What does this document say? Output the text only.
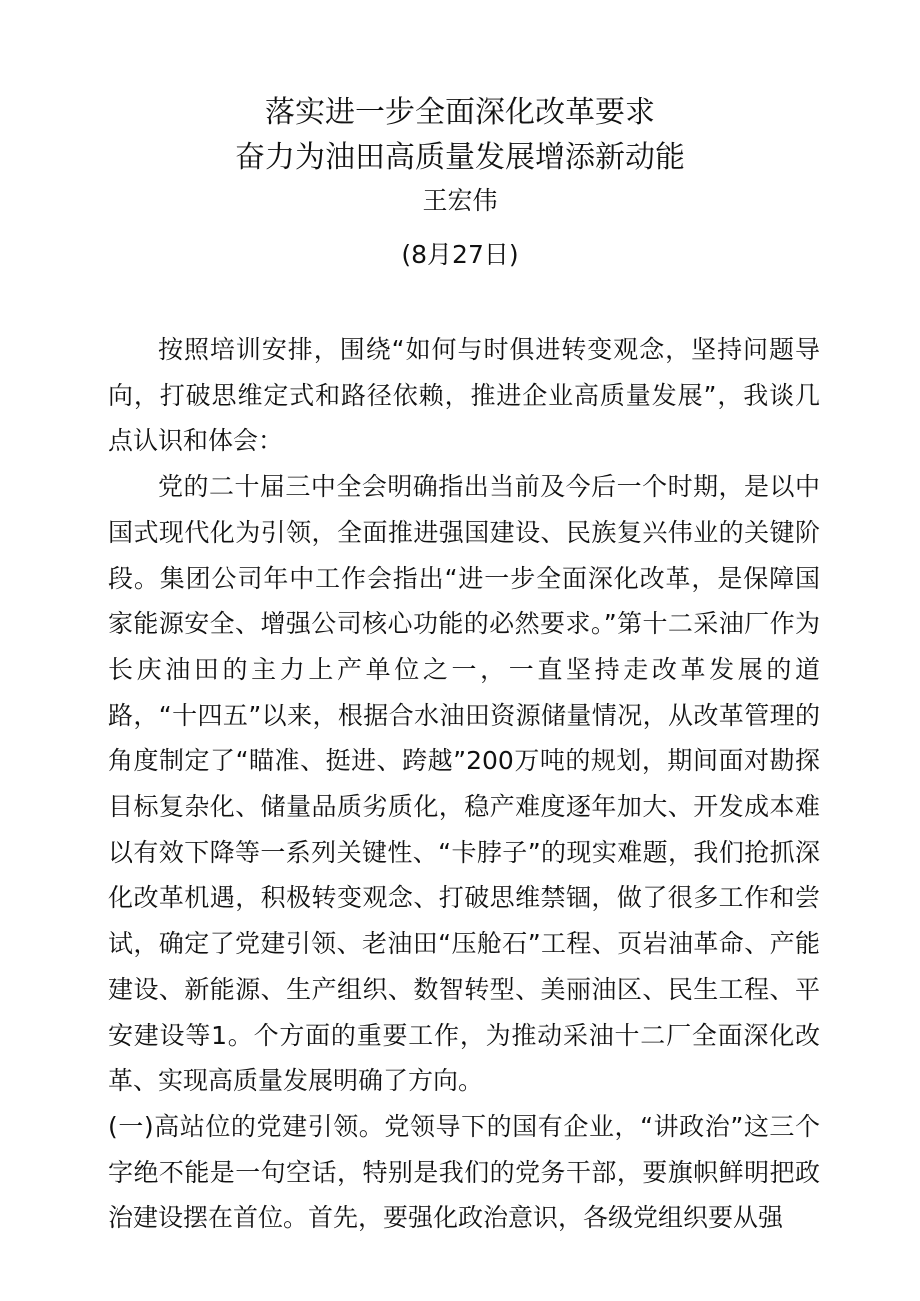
落实进一步全面深化改革要求
奋力为油田高质量发展增添新动能
王宏伟
(8月27日)

按照培训安排，围绕“如何与时俱进转变观念，坚持问题导向，打破思维定式和路径依赖，推进企业高质量发展”，我谈几点认识和体会：

党的二十届三中全会明确指出当前及今后一个时期，是以中国式现代化为引领，全面推进强国建设、民族复兴伟业的关键阶段。集团公司年中工作会指出“进一步全面深化改革，是保障国家能源安全、增强公司核心功能的必然要求。”第十二采油厂作为长庆油田的主力上产单位之一，一直坚持走改革发展的道路，“十四五”以来，根据合水油田资源储量情况，从改革管理的角度制定了“瞄准、挺进、跨越”200万吨的规划，期间面对勘探目标复杂化、储量品质劣质化，稳产难度逐年加大、开发成本难以有效下降等一系列关键性、“卡脖子”的现实难题，我们抢抓深化改革机遇，积极转变观念、打破思维禁锢，做了很多工作和尝试，确定了党建引领、老油田“压舱石”工程、页岩油革命、产能建设、新能源、生产组织、数智转型、美丽油区、民生工程、平安建设等1。个方面的重要工作，为推动采油十二厂全面深化改革、实现高质量发展明确了方向。

(一)高站位的党建引领。党领导下的国有企业，“讲政治”这三个字绝不能是一句空话，特别是我们的党务干部，要旗帜鲜明把政治建设摆在首位。首先，要强化政治意识，各级党组织要从强
